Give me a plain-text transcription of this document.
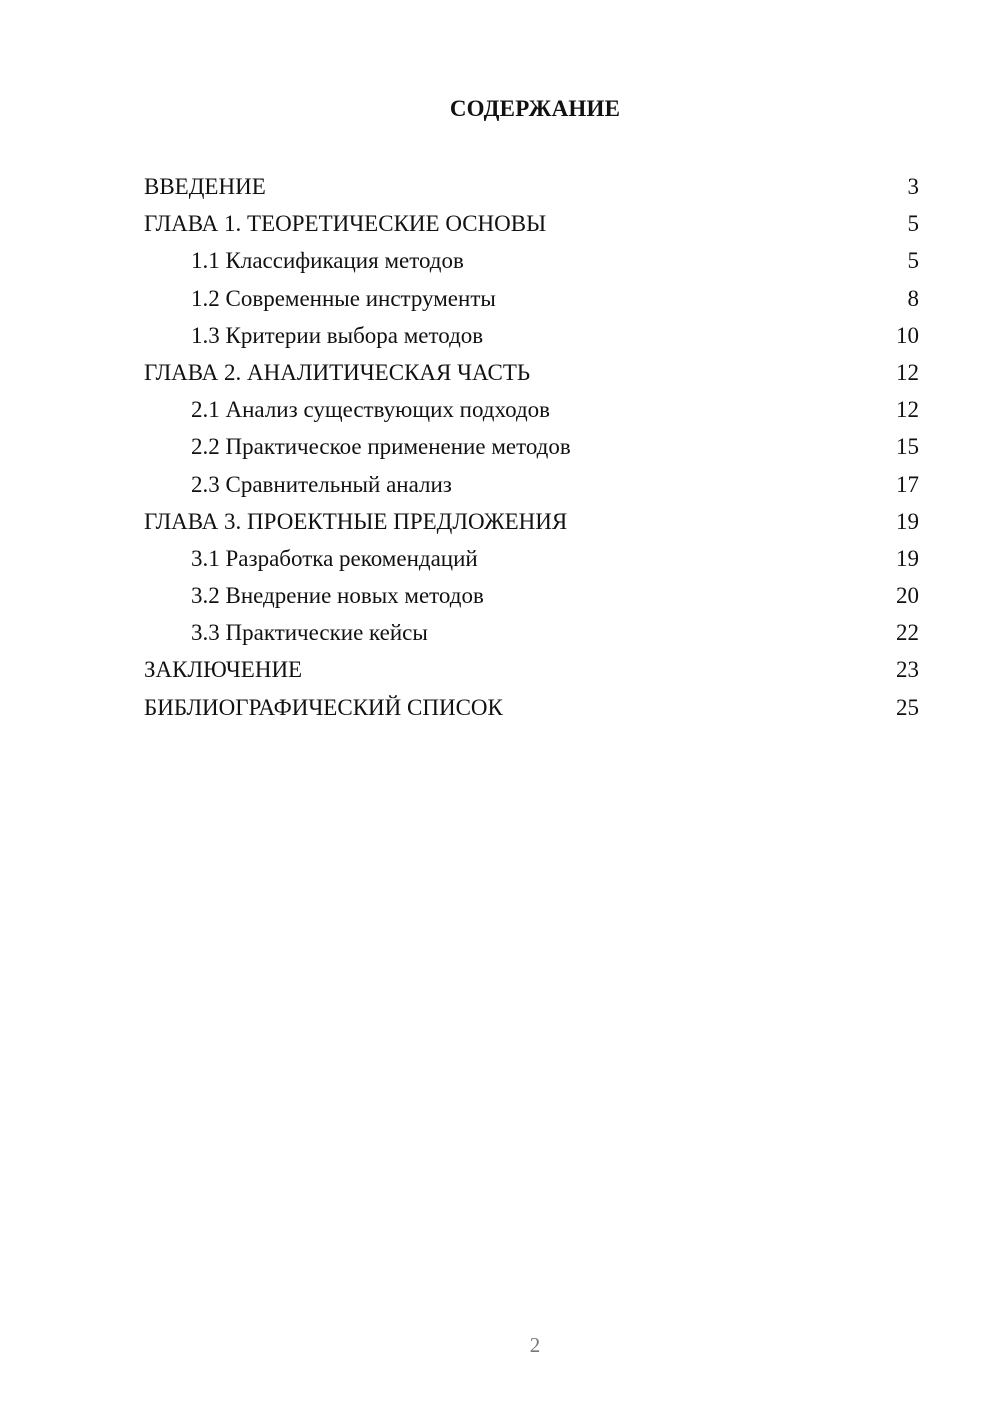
СОДЕРЖАНИЕ
ВВЕДЕНИЕ	3
ГЛАВА 1. ТЕОРЕТИЧЕСКИЕ ОСНОВЫ	5
1.1 Классификация методов	5
1.2 Современные инструменты	8
1.3 Критерии выбора методов	10
ГЛАВА 2. АНАЛИТИЧЕСКАЯ ЧАСТЬ	12
2.1 Анализ существующих подходов	12
2.2 Практическое применение методов	15
2.3 Сравнительный анализ	17
ГЛАВА 3. ПРОЕКТНЫЕ ПРЕДЛОЖЕНИЯ	19
3.1 Разработка рекомендаций	19
3.2 Внедрение новых методов	20
3.3 Практические кейсы	22
ЗАКЛЮЧЕНИЕ	23
БИБЛИОГРАФИЧЕСКИЙ СПИСОК	25
2
